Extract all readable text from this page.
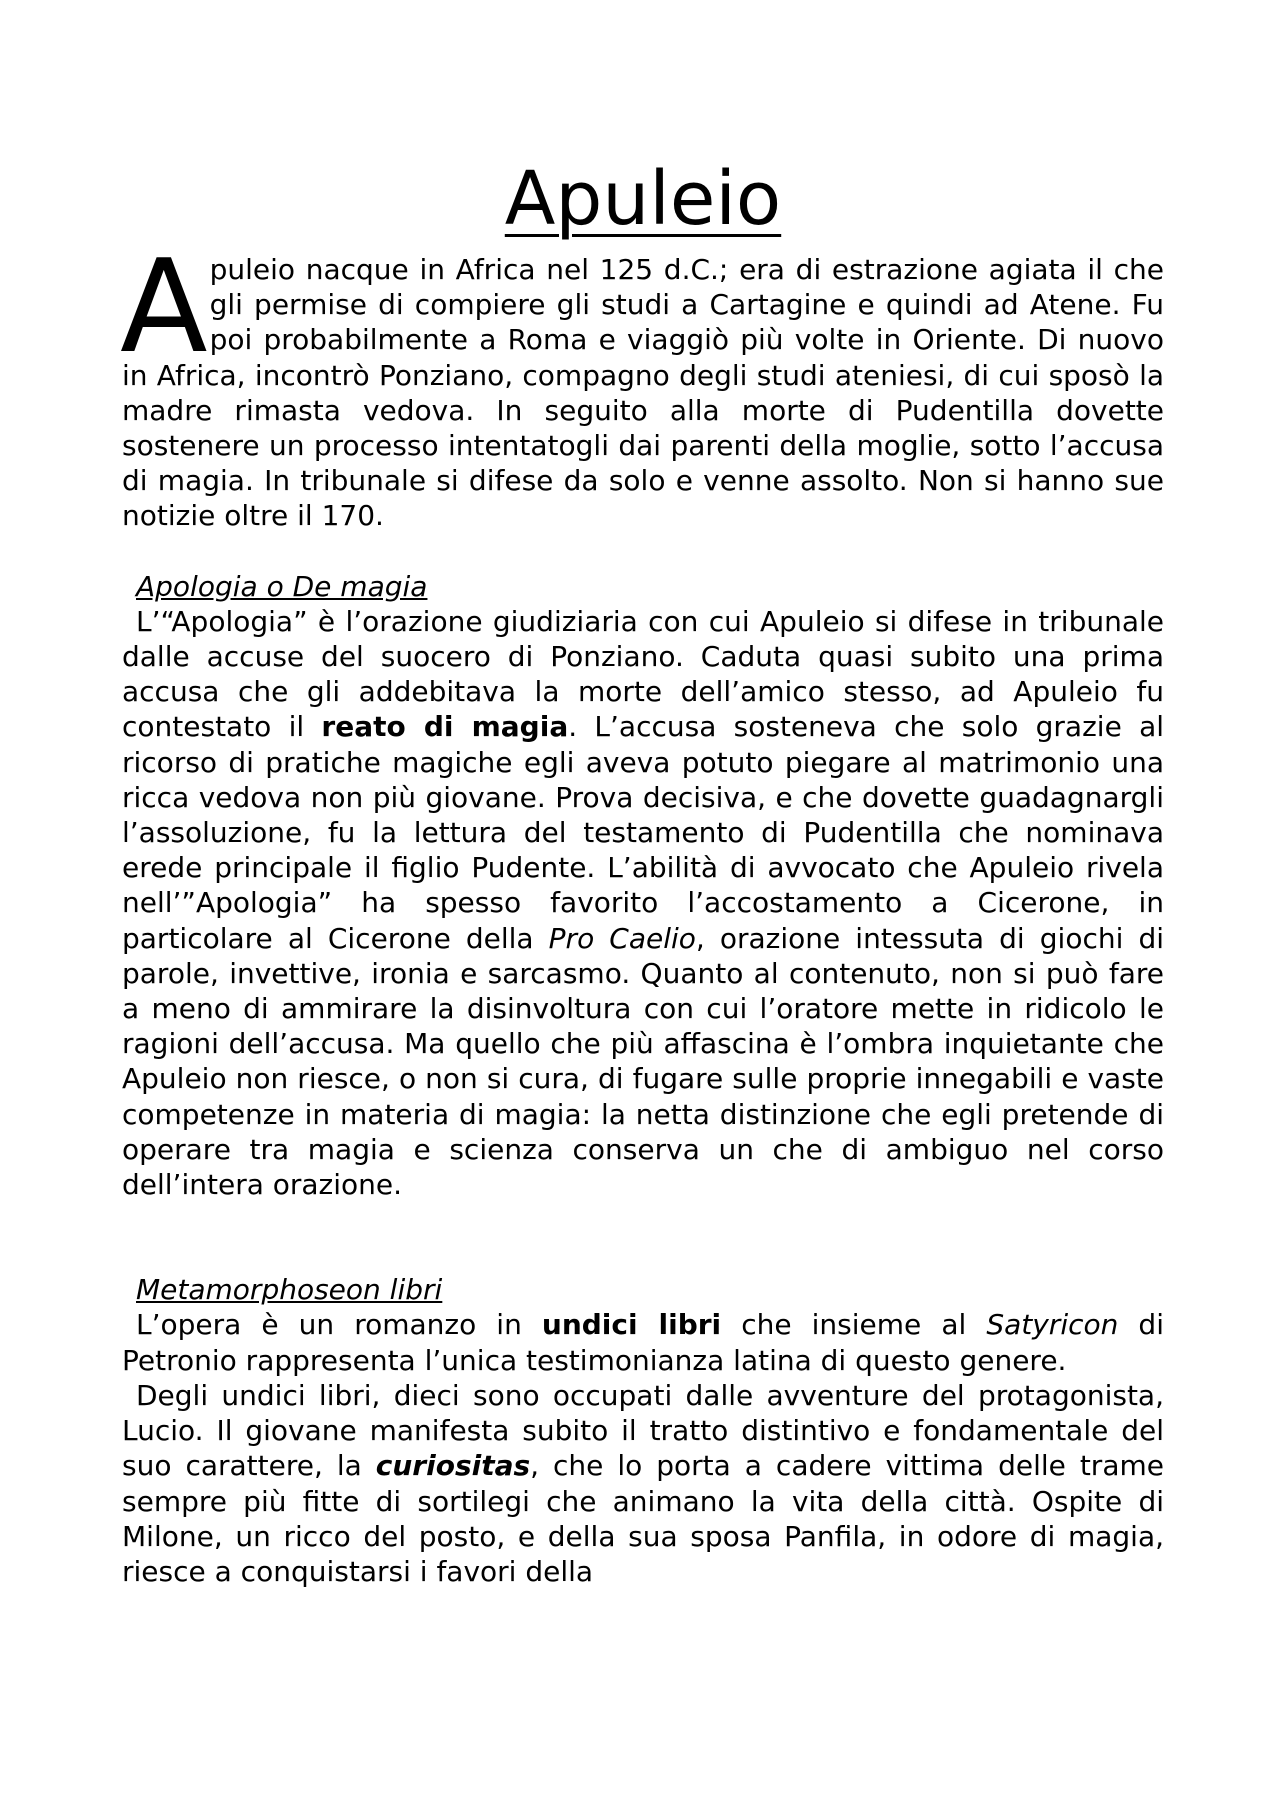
Apuleio

Apuleio nacque in Africa nel 125 d.C.; era di estrazione agiata il che gli permise di compiere gli studi a Cartagine e quindi ad Atene. Fu poi probabilmente a Roma e viaggiò più volte in Oriente. Di nuovo in Africa, incontrò Ponziano, compagno degli studi ateniesi, di cui sposò la madre rimasta vedova. In seguito alla morte di Pudentilla dovette sostenere un processo intentatogli dai parenti della moglie, sotto l’accusa di magia. In tribunale si difese da solo e venne assolto. Non si hanno sue notizie oltre il 170.

Apologia o De magia

L’“Apologia” è l’orazione giudiziaria con cui Apuleio si difese in tribunale dalle accuse del suocero di Ponziano. Caduta quasi subito una prima accusa che gli addebitava la morte dell’amico stesso, ad Apuleio fu contestato il reato di magia. L’accusa sosteneva che solo grazie al ricorso di pratiche magiche egli aveva potuto piegare al matrimonio una ricca vedova non più giovane. Prova decisiva, e che dovette guadagnargli l’assoluzione, fu la lettura del testamento di Pudentilla che nominava erede principale il figlio Pudente. L’abilità di avvocato che Apuleio rivela nell’”Apologia” ha spesso favorito l’accostamento a Cicerone, in particolare al Cicerone della Pro Caelio, orazione intessuta di giochi di parole, invettive, ironia e sarcasmo. Quanto al contenuto, non si può fare a meno di ammirare la disinvoltura con cui l’oratore mette in ridicolo le ragioni dell’accusa. Ma quello che più affascina è l’ombra inquietante che Apuleio non riesce, o non si cura, di fugare sulle proprie innegabili e vaste competenze in materia di magia: la netta distinzione che egli pretende di operare tra magia e scienza conserva un che di ambiguo nel corso dell’intera orazione.

Metamorphoseon libri

L’opera è un romanzo in undici libri che insieme al Satyricon di Petronio rappresenta l’unica testimonianza latina di questo genere.

Degli undici libri, dieci sono occupati dalle avventure del protagonista, Lucio. Il giovane manifesta subito il tratto distintivo e fondamentale del suo carattere, la curiositas, che lo porta a cadere vittima delle trame sempre più fitte di sortilegi che animano la vita della città. Ospite di Milone, un ricco del posto, e della sua sposa Panfila, in odore di magia, riesce a conquistarsi i favori della
